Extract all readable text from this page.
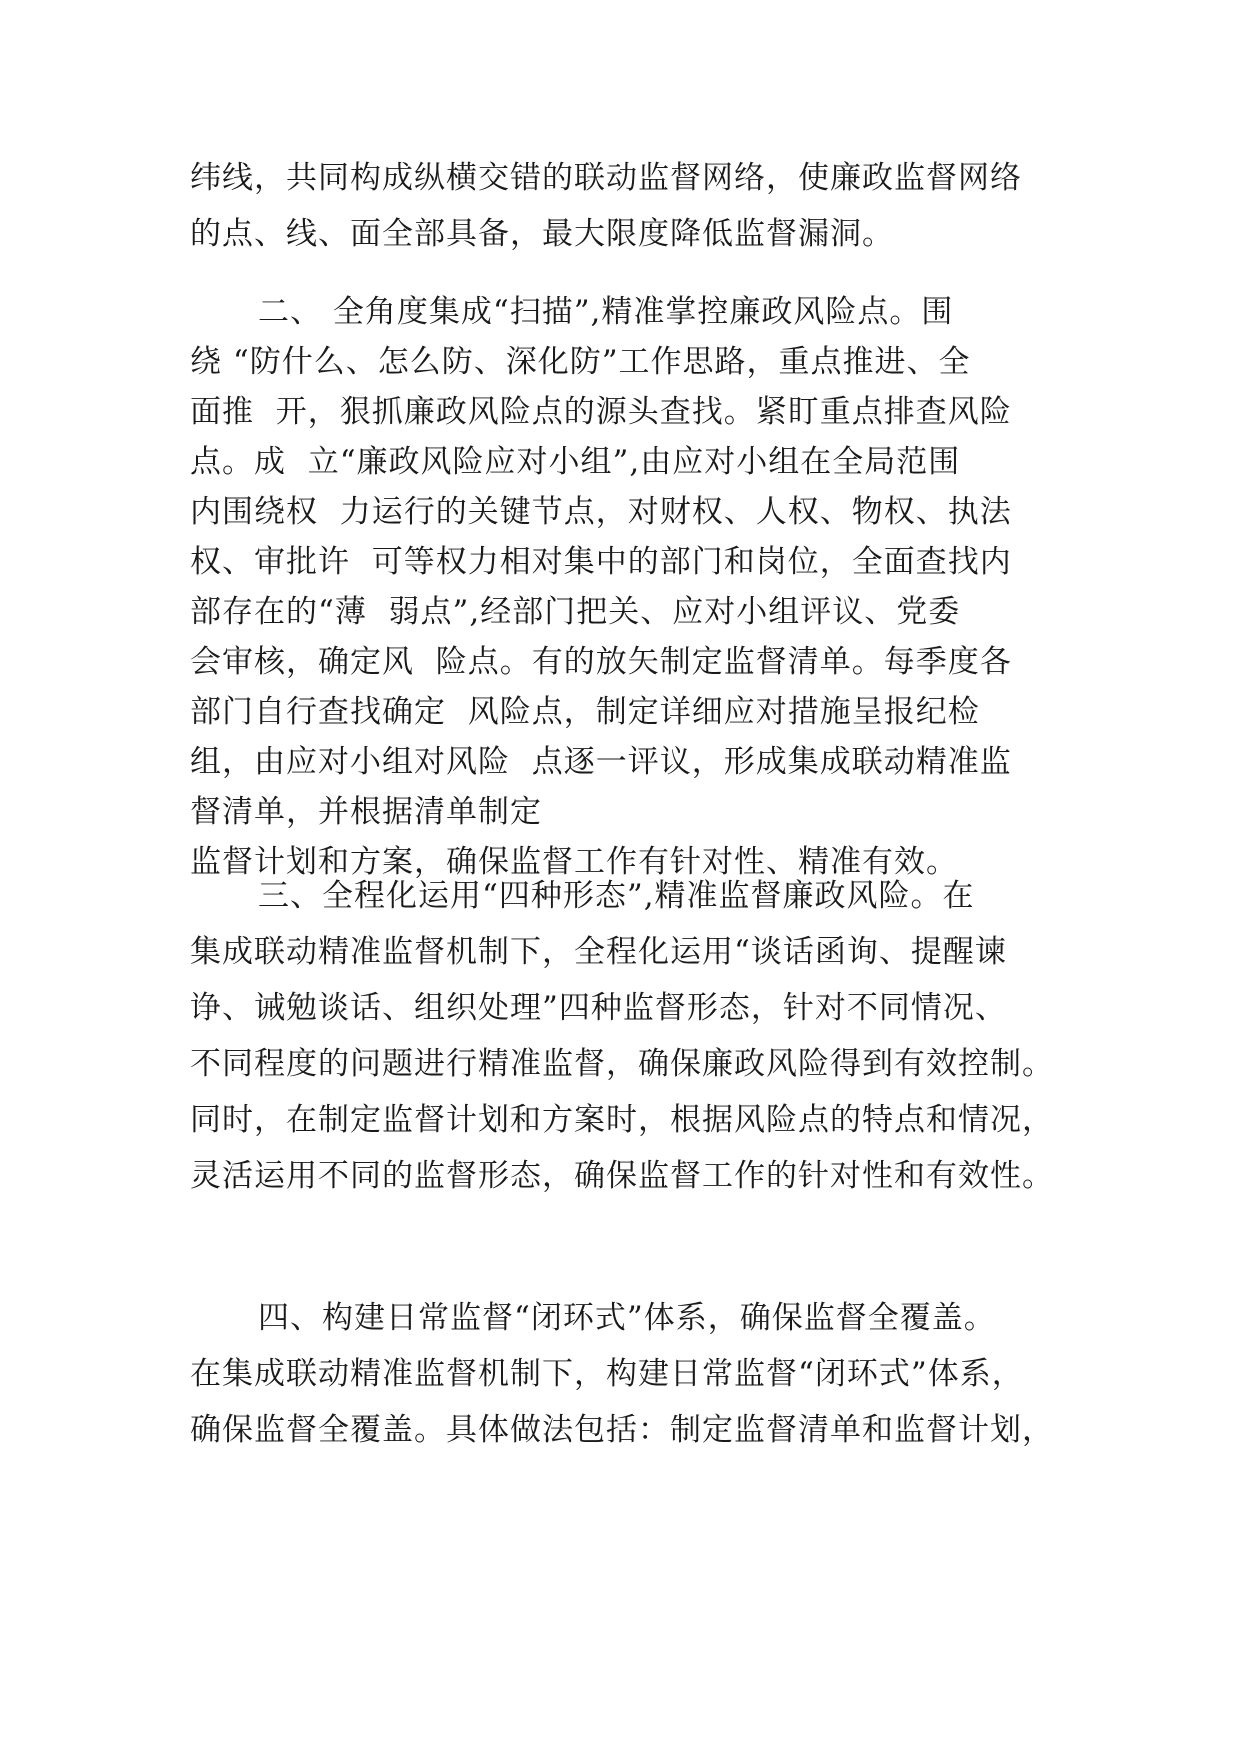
纬线，共同构成纵横交错的联动监督网络，使廉政监督网络
的点、线、面全部具备，最大限度降低监督漏洞。
二、 全角度集成“扫描”,精准掌控廉政风险点。围
绕 “防什么、怎么防、深化防”工作思路，重点推进、全
面推  开，狠抓廉政风险点的源头查找。紧盯重点排查风险
点。成  立“廉政风险应对小组”,由应对小组在全局范围
内围绕权  力运行的关键节点，对财权、人权、物权、执法
权、审批许  可等权力相对集中的部门和岗位，全面查找内
部存在的“薄  弱点”,经部门把关、应对小组评议、党委
会审核，确定风  险点。有的放矢制定监督清单。每季度各
部门自行查找确定  风险点，制定详细应对措施呈报纪检
组，由应对小组对风险  点逐一评议，形成集成联动精准监
督清单，并根据清单制定
监督计划和方案，确保监督工作有针对性、精准有效。
三、全程化运用“四种形态”,精准监督廉政风险。在
集成联动精准监督机制下，全程化运用“谈话函询、提醒谏
诤、诫勉谈话、组织处理”四种监督形态，针对不同情况、
不同程度的问题进行精准监督，确保廉政风险得到有效控制。
同时，在制定监督计划和方案时，根据风险点的特点和情况，
灵活运用不同的监督形态，确保监督工作的针对性和有效性。
四、构建日常监督“闭环式”体系，确保监督全覆盖。
在集成联动精准监督机制下，构建日常监督“闭环式”体系，
确保监督全覆盖。具体做法包括：制定监督清单和监督计划，
